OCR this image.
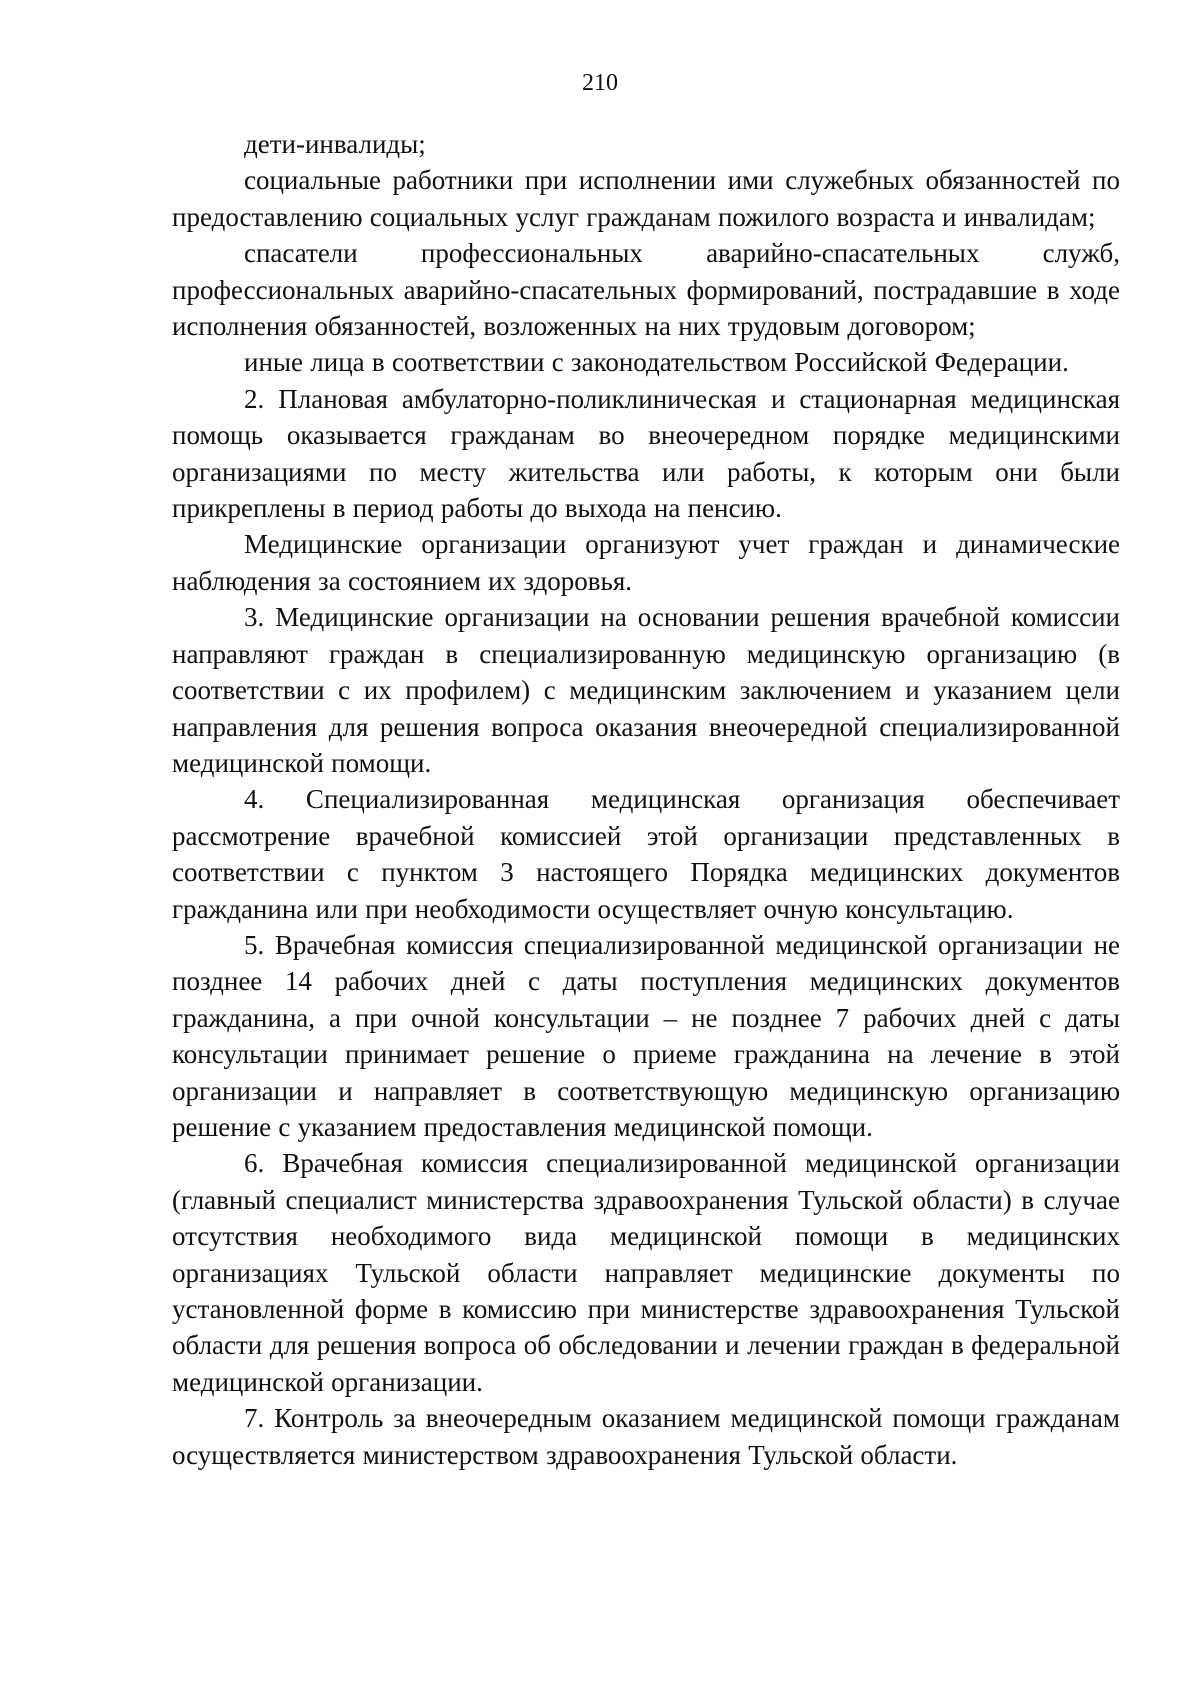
210

дети-инвалиды;

социальные работники при исполнении ими служебных обязанностей по предоставлению социальных услуг гражданам пожилого возраста и инвалидам;

спасатели профессиональных аварийно-спасательных служб, профессиональных аварийно-спасательных формирований, пострадавшие в ходе исполнения обязанностей, возложенных на них трудовым договором;

иные лица в соответствии с законодательством Российской Федерации.

2. Плановая амбулаторно-поликлиническая и стационарная медицинская помощь оказывается гражданам во внеочередном порядке медицинскими организациями по месту жительства или работы, к которым они были прикреплены в период работы до выхода на пенсию.

Медицинские организации организуют учет граждан и динамические наблюдения за состоянием их здоровья.

3. Медицинские организации на основании решения врачебной комиссии направляют граждан в специализированную медицинскую организацию (в соответствии с их профилем) с медицинским заключением и указанием цели направления для решения вопроса оказания внеочередной специализированной медицинской помощи.

4. Специализированная медицинская организация обеспечивает рассмотрение врачебной комиссией этой организации представленных в соответствии с пунктом 3 настоящего Порядка медицинских документов гражданина или при необходимости осуществляет очную консультацию.

5. Врачебная комиссия специализированной медицинской организации не позднее 14 рабочих дней с даты поступления медицинских документов гражданина, а при очной консультации – не позднее 7 рабочих дней с даты консультации принимает решение о приеме гражданина на лечение в этой организации и направляет в соответствующую медицинскую организацию решение с указанием предоставления медицинской помощи.

6. Врачебная комиссия специализированной медицинской организации (главный специалист министерства здравоохранения Тульской области) в случае отсутствия необходимого вида медицинской помощи в медицинских организациях Тульской области направляет медицинские документы по установленной форме в комиссию при министерстве здравоохранения Тульской области для решения вопроса об обследовании и лечении граждан в федеральной медицинской организации.

7. Контроль за внеочередным оказанием медицинской помощи гражданам осуществляется министерством здравоохранения Тульской области.
